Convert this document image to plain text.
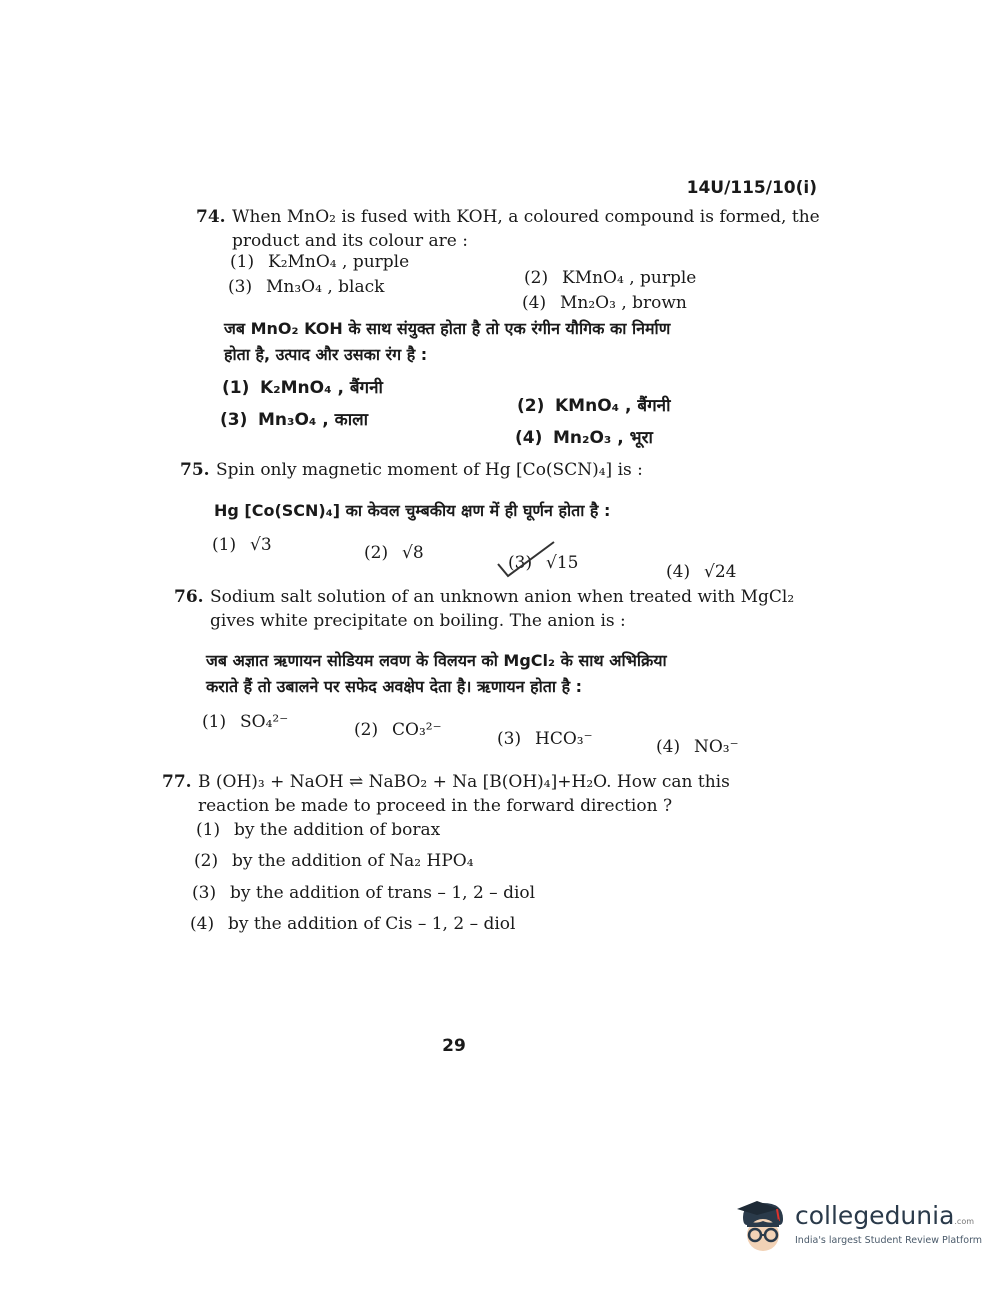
14U/115/10(i)
74. When MnO₂ is fused with KOH, a coloured compound is formed, the

product and its colour are :

(1) K₂MnO₄ , purple
(2) KMnO₄ , purple
(3) Mn₃O₄ , black
(4) Mn₂O₃ , brown

जब MnO₂ KOH के साथ संयुक्त होता है तो एक रंगीन यौगिक का निर्माण

होता है, उत्पाद और उसका रंग है :

(1) K₂MnO₄ , बैंगनी
(2) KMnO₄ , बैंगनी
(3) Mn₃O₄ , काला
(4) Mn₂O₃ , भूरा
75. Spin only magnetic moment of Hg [Co(SCN)₄] is :

Hg [Co(SCN)₄] का केवल चुम्बकीय क्षण में ही घूर्णन होता है :

(1) √3	(2) √8	(3) √15	(4) √24
76. Sodium salt solution of an unknown anion when treated with MgCl₂

gives white precipitate on boiling. The anion is :

जब अज्ञात ऋणायन सोडियम लवण के विलयन को MgCl₂ के साथ अभिक्रिया

कराते हैं तो उबालने पर सफेद अवक्षेप देता है। ऋणायन होता है :

(1) SO₄²⁻	(2) CO₃²⁻	(3) HCO₃⁻	(4) NO₃⁻
77. B (OH)₃ + NaOH ⇌ NaBO₂ + Na [B(OH)₄]+H₂O. How can this

reaction be made to proceed in the forward direction ?

(1) by the addition of borax
(2) by the addition of Na₂ HPO₄
(3) by the addition of trans – 1, 2 – diol
(4) by the addition of Cis – 1, 2 – diol
29
collegedunia.com
India's largest Student Review Platform
